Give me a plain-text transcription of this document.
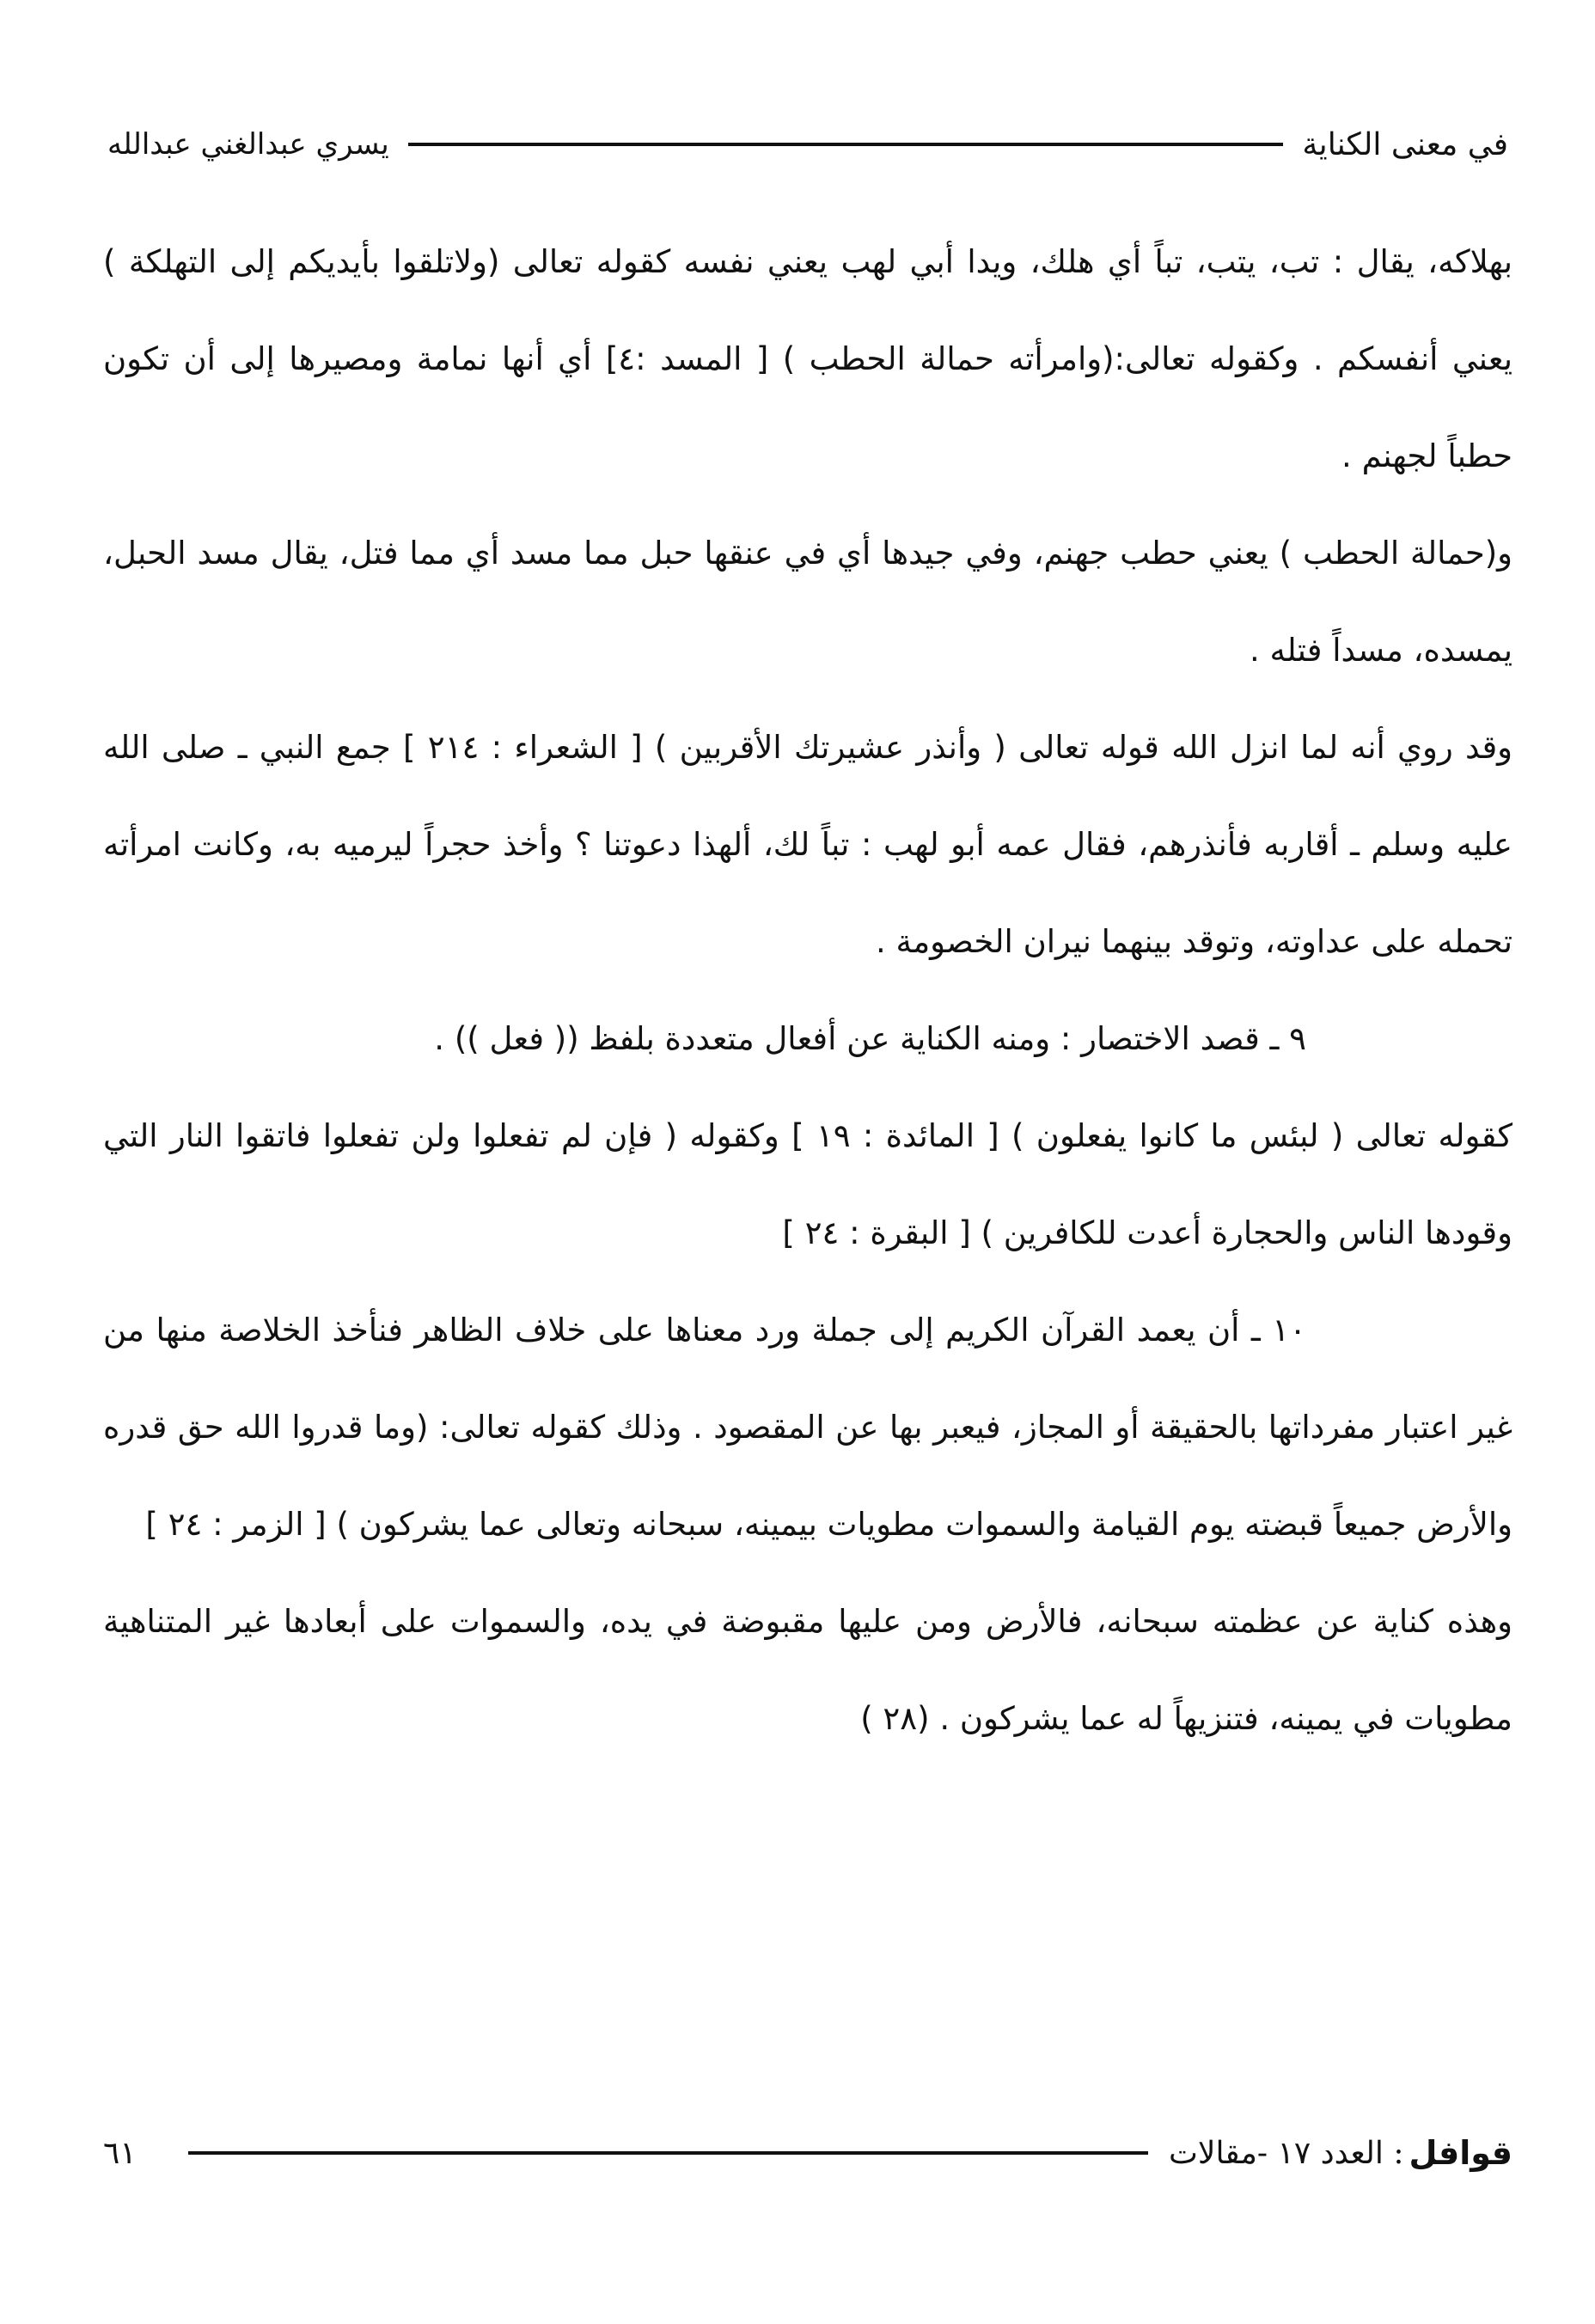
في معنى الكناية
يسري عبدالغني عبدالله

بهلاكه، يقال : تب، يتب، تباً أي هلك، ويدا أبي لهب يعني نفسه كقوله تعالى (ولاتلقوا بأيديكم إلى التهلكة ) يعني أنفسكم . وكقوله تعالى:(وامرأته حمالة الحطب ) [ المسد :٤] أي أنها نمامة ومصيرها إلى أن تكون حطباً لجهنم .

و(حمالة الحطب ) يعني حطب جهنم، وفي جيدها أي في عنقها حبل مما مسد أي مما فتل، يقال مسد الحبل، يمسده، مسداً فتله .

وقد روي أنه لما انزل الله قوله تعالى ( وأنذر عشيرتك الأقربين ) [ الشعراء : ٢١٤ ] جمع النبي ـ صلى الله عليه وسلم ـ أقاربه فأنذرهم، فقال عمه أبو لهب : تباً لك، ألهذا دعوتنا ؟ وأخذ حجراً ليرميه به، وكانت امرأته تحمله على عداوته، وتوقد بينهما نيران الخصومة .

٩ ـ قصد الاختصار : ومنه الكناية عن أفعال متعددة بلفظ (( فعل )) .

كقوله تعالى ( لبئس ما كانوا يفعلون ) [ المائدة : ١٩ ] وكقوله ( فإن لم تفعلوا ولن تفعلوا فاتقوا النار التي وقودها الناس والحجارة أعدت للكافرين ) [ البقرة : ٢٤ ]

١٠ ـ أن يعمد القرآن الكريم إلى جملة ورد معناها على خلاف الظاهر فنأخذ الخلاصة منها من غير اعتبار مفرداتها بالحقيقة أو المجاز، فيعبر بها عن المقصود . وذلك كقوله تعالى: (وما قدروا الله حق قدره والأرض جميعاً قبضته يوم القيامة والسموات مطويات بيمينه، سبحانه وتعالى عما يشركون ) [ الزمر : ٢٤ ]

وهذه كناية عن عظمته سبحانه، فالأرض ومن عليها مقبوضة في يده، والسموات على أبعادها غير المتناهية مطويات في يمينه، فتنزيهاً له عما يشركون . (٢٨ )

قوافل
: العدد ١٧ -مقالات
٦١
